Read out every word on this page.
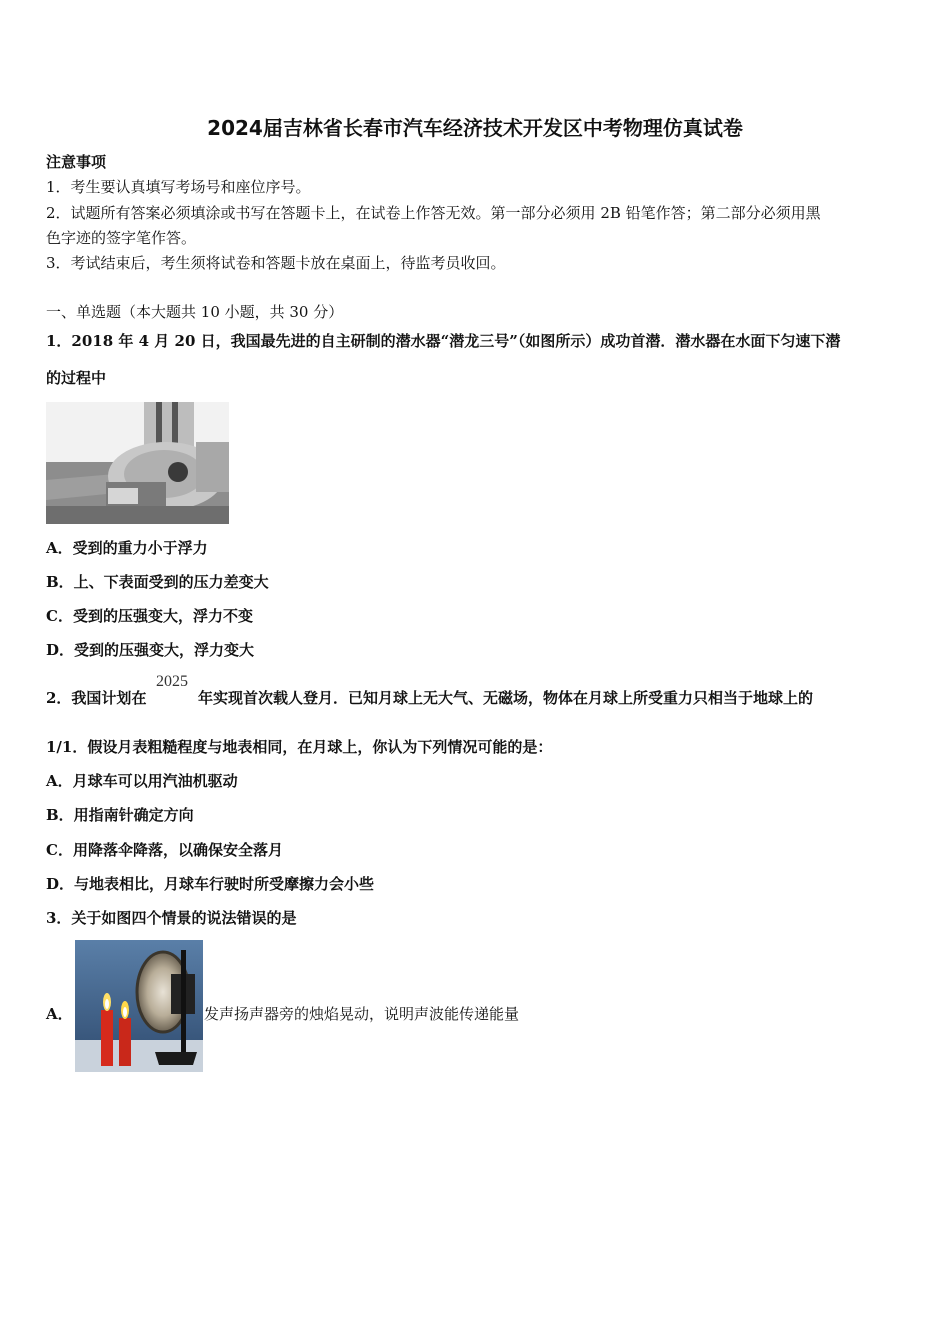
2024届吉林省长春市汽车经济技术开发区中考物理仿真试卷
注意事项
1．考生要认真填写考场号和座位序号。
2．试题所有答案必须填涂或书写在答题卡上，在试卷上作答无效。第一部分必须用 2B 铅笔作答；第二部分必须用黑
色字迹的签字笔作答。
3．考试结束后，考生须将试卷和答题卡放在桌面上，待监考员收回。
一、单选题（本大题共 10 小题，共 30 分）
1．2018 年 4 月 20 日，我国最先进的自主研制的潜水器“潜龙三号”（如图所示）成功首潜．潜水器在水面下匀速下潜
的过程中
A．受到的重力小于浮力
B．上、下表面受到的压力差变大
C．受到的压强变大，浮力不变
D．受到的压强变大，浮力变大
2．我国计划在
2025
年实现首次载人登月．已知月球上无大气、无磁场，物体在月球上所受重力只相当于地球上的
1/1．假设月表粗糙程度与地表相同，在月球上，你认为下列情况可能的是：
A．月球车可以用汽油机驱动
B．用指南针确定方向
C．用降落伞降落，以确保安全落月
D．与地表相比，月球车行驶时所受摩擦力会小些
3．关于如图四个情景的说法错误的是
A．	发声扬声器旁的烛焰晃动，说明声波能传递能量
